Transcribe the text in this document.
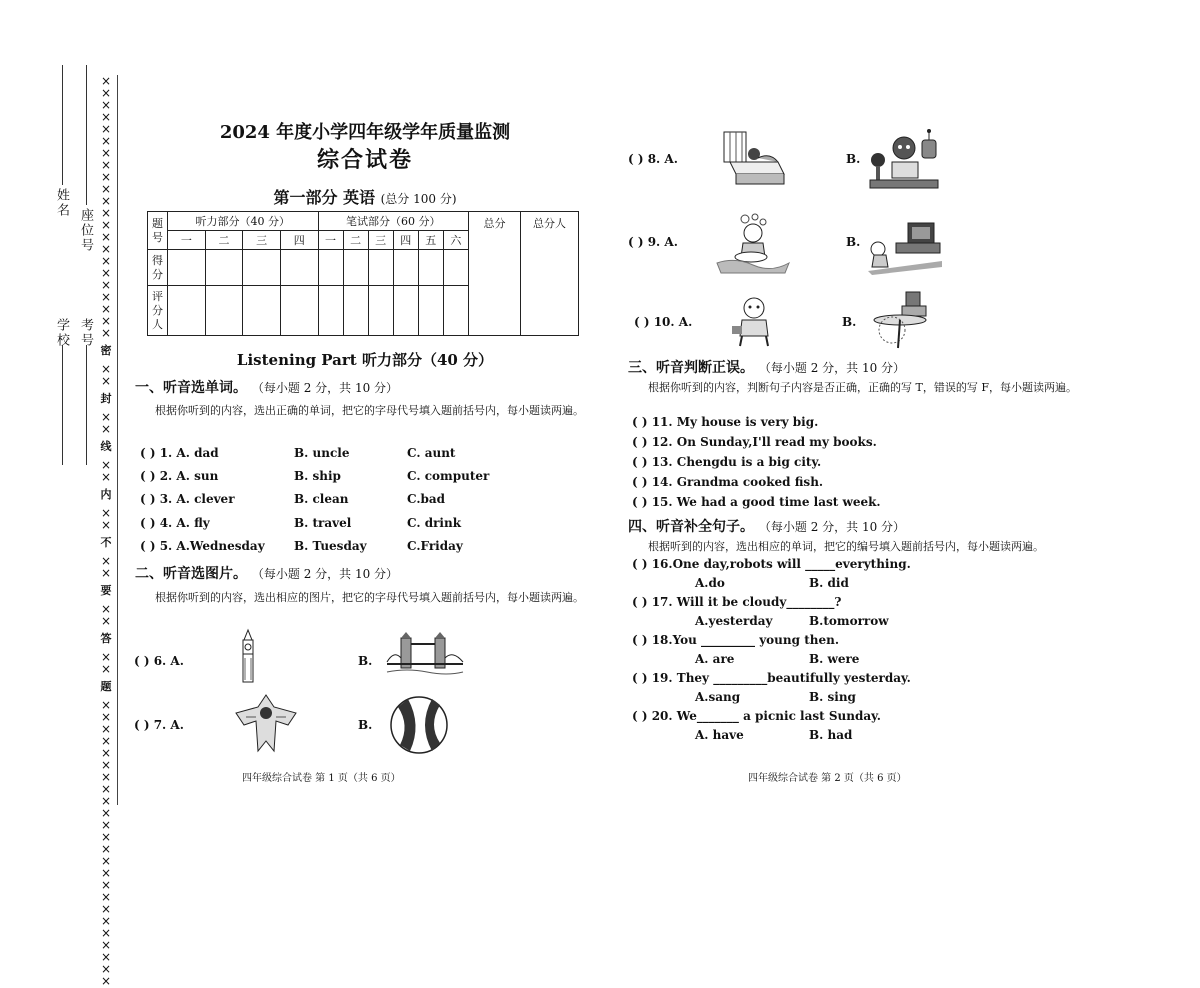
姓名
座位号
学校 考号
×
×
×
×
×
×
×
×
×
×
×
×
×
×
×
×
×
×
×
×
×
×
密
×
×
封
×
×
线
×
×
内
×
×
不
×
×
要
×
×
答
×
×
题
×
×
×
×
×
×
×
×
×
×
×
×
×
×
×
×
×
×
×
×
×
×
×
×
2024 年度小学四年级学年质量监测
综合试卷
第一部分 英语 (总分 100 分)
题号	听力部分（40 分）				笔试部分（60 分）						总分	总分人
	一	二	三	四	一	二	三	四	五	六		
得分												
评分人												
Listening Part 听力部分（40 分）
一、听音选单词。 （每小题 2 分，共 10 分）
根据你听到的内容，选出正确的单词，把它的字母代号填入题前括号内，每小题读两遍。
( ) 1. A. dad	B. uncle	C. aunt
( ) 2. A. sun	B. ship	C. computer
( ) 3. A. clever	B. clean	C.bad
( ) 4. A. fly	B. travel	C. drink
( ) 5. A.Wednesday B. Tuesday	C.Friday
二、听音选图片。 （每小题 2 分，共 10 分）
根据你听到的内容，选出相应的图片，把它的字母代号填入题前括号内，每小题读两遍。
( ) 6. A.	B.
( ) 7. A.	B.
四年级综合试卷 第 1 页（共 6 页）
( ) 8. A.	B.
( ) 9. A.	B.
( ) 10. A.	B.
三、听音判断正误。 （每小题 2 分，共 10 分）
根据你听到的内容，判断句子内容是否正确，正确的写 T，错误的写 F，每小题读两遍。
( ) 11. My house is very big.
( ) 12. On Sunday,I'll read my books.
( ) 13. Chengdu is a big city.
( ) 14. Grandma cooked fish.
( ) 15. We had a good time last week.
四、听音补全句子。 （每小题 2 分，共 10 分）
根据听到的内容，选出相应的单词，把它的编号填入题前括号内，每小题读两遍。
( ) 16.One day,robots will _____everything.
A.do	B. did
( ) 17. Will it be cloudy________?
A.yesterday	B.tomorrow
( ) 18.You _________ young then.
A. are	B. were
( ) 19. They _________beautifully yesterday.
A.sang	B. sing
( ) 20. We_______ a picnic last Sunday.
A. have	B. had
四年级综合试卷 第 2 页（共 6 页）
